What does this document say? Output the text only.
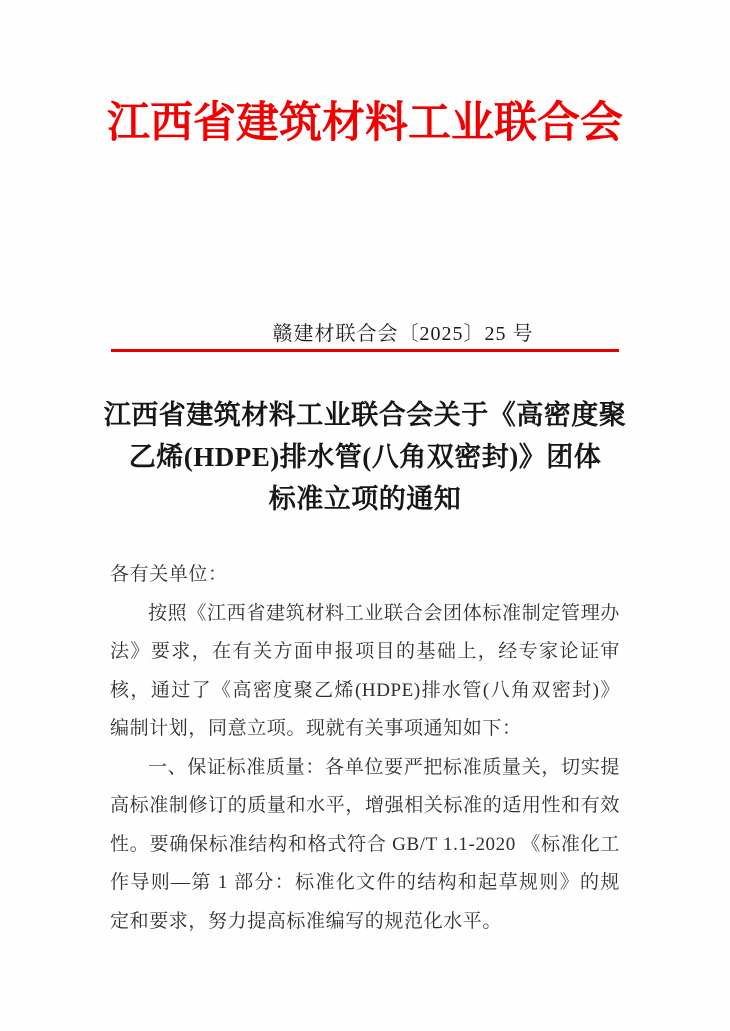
江西省建筑材料工业联合会
赣建材联合会〔2025〕25 号
江西省建筑材料工业联合会关于《高密度聚
乙烯(HDPE)排水管(八角双密封)》团体
标准立项的通知

各有关单位：

按照《江西省建筑材料工业联合会团体标准制定管理办法》要求，在有关方面申报项目的基础上，经专家论证审核，通过了《高密度聚乙烯(HDPE)排水管(八角双密封)》编制计划，同意立项。现就有关事项通知如下：

一、保证标准质量：各单位要严把标准质量关，切实提高标准制修订的质量和水平，增强相关标准的适用性和有效性。要确保标准结构和格式符合 GB/T 1.1-2020 《标准化工作导则—第 1 部分：标准化文件的结构和起草规则》的规定和要求，努力提高标准编写的规范化水平。
